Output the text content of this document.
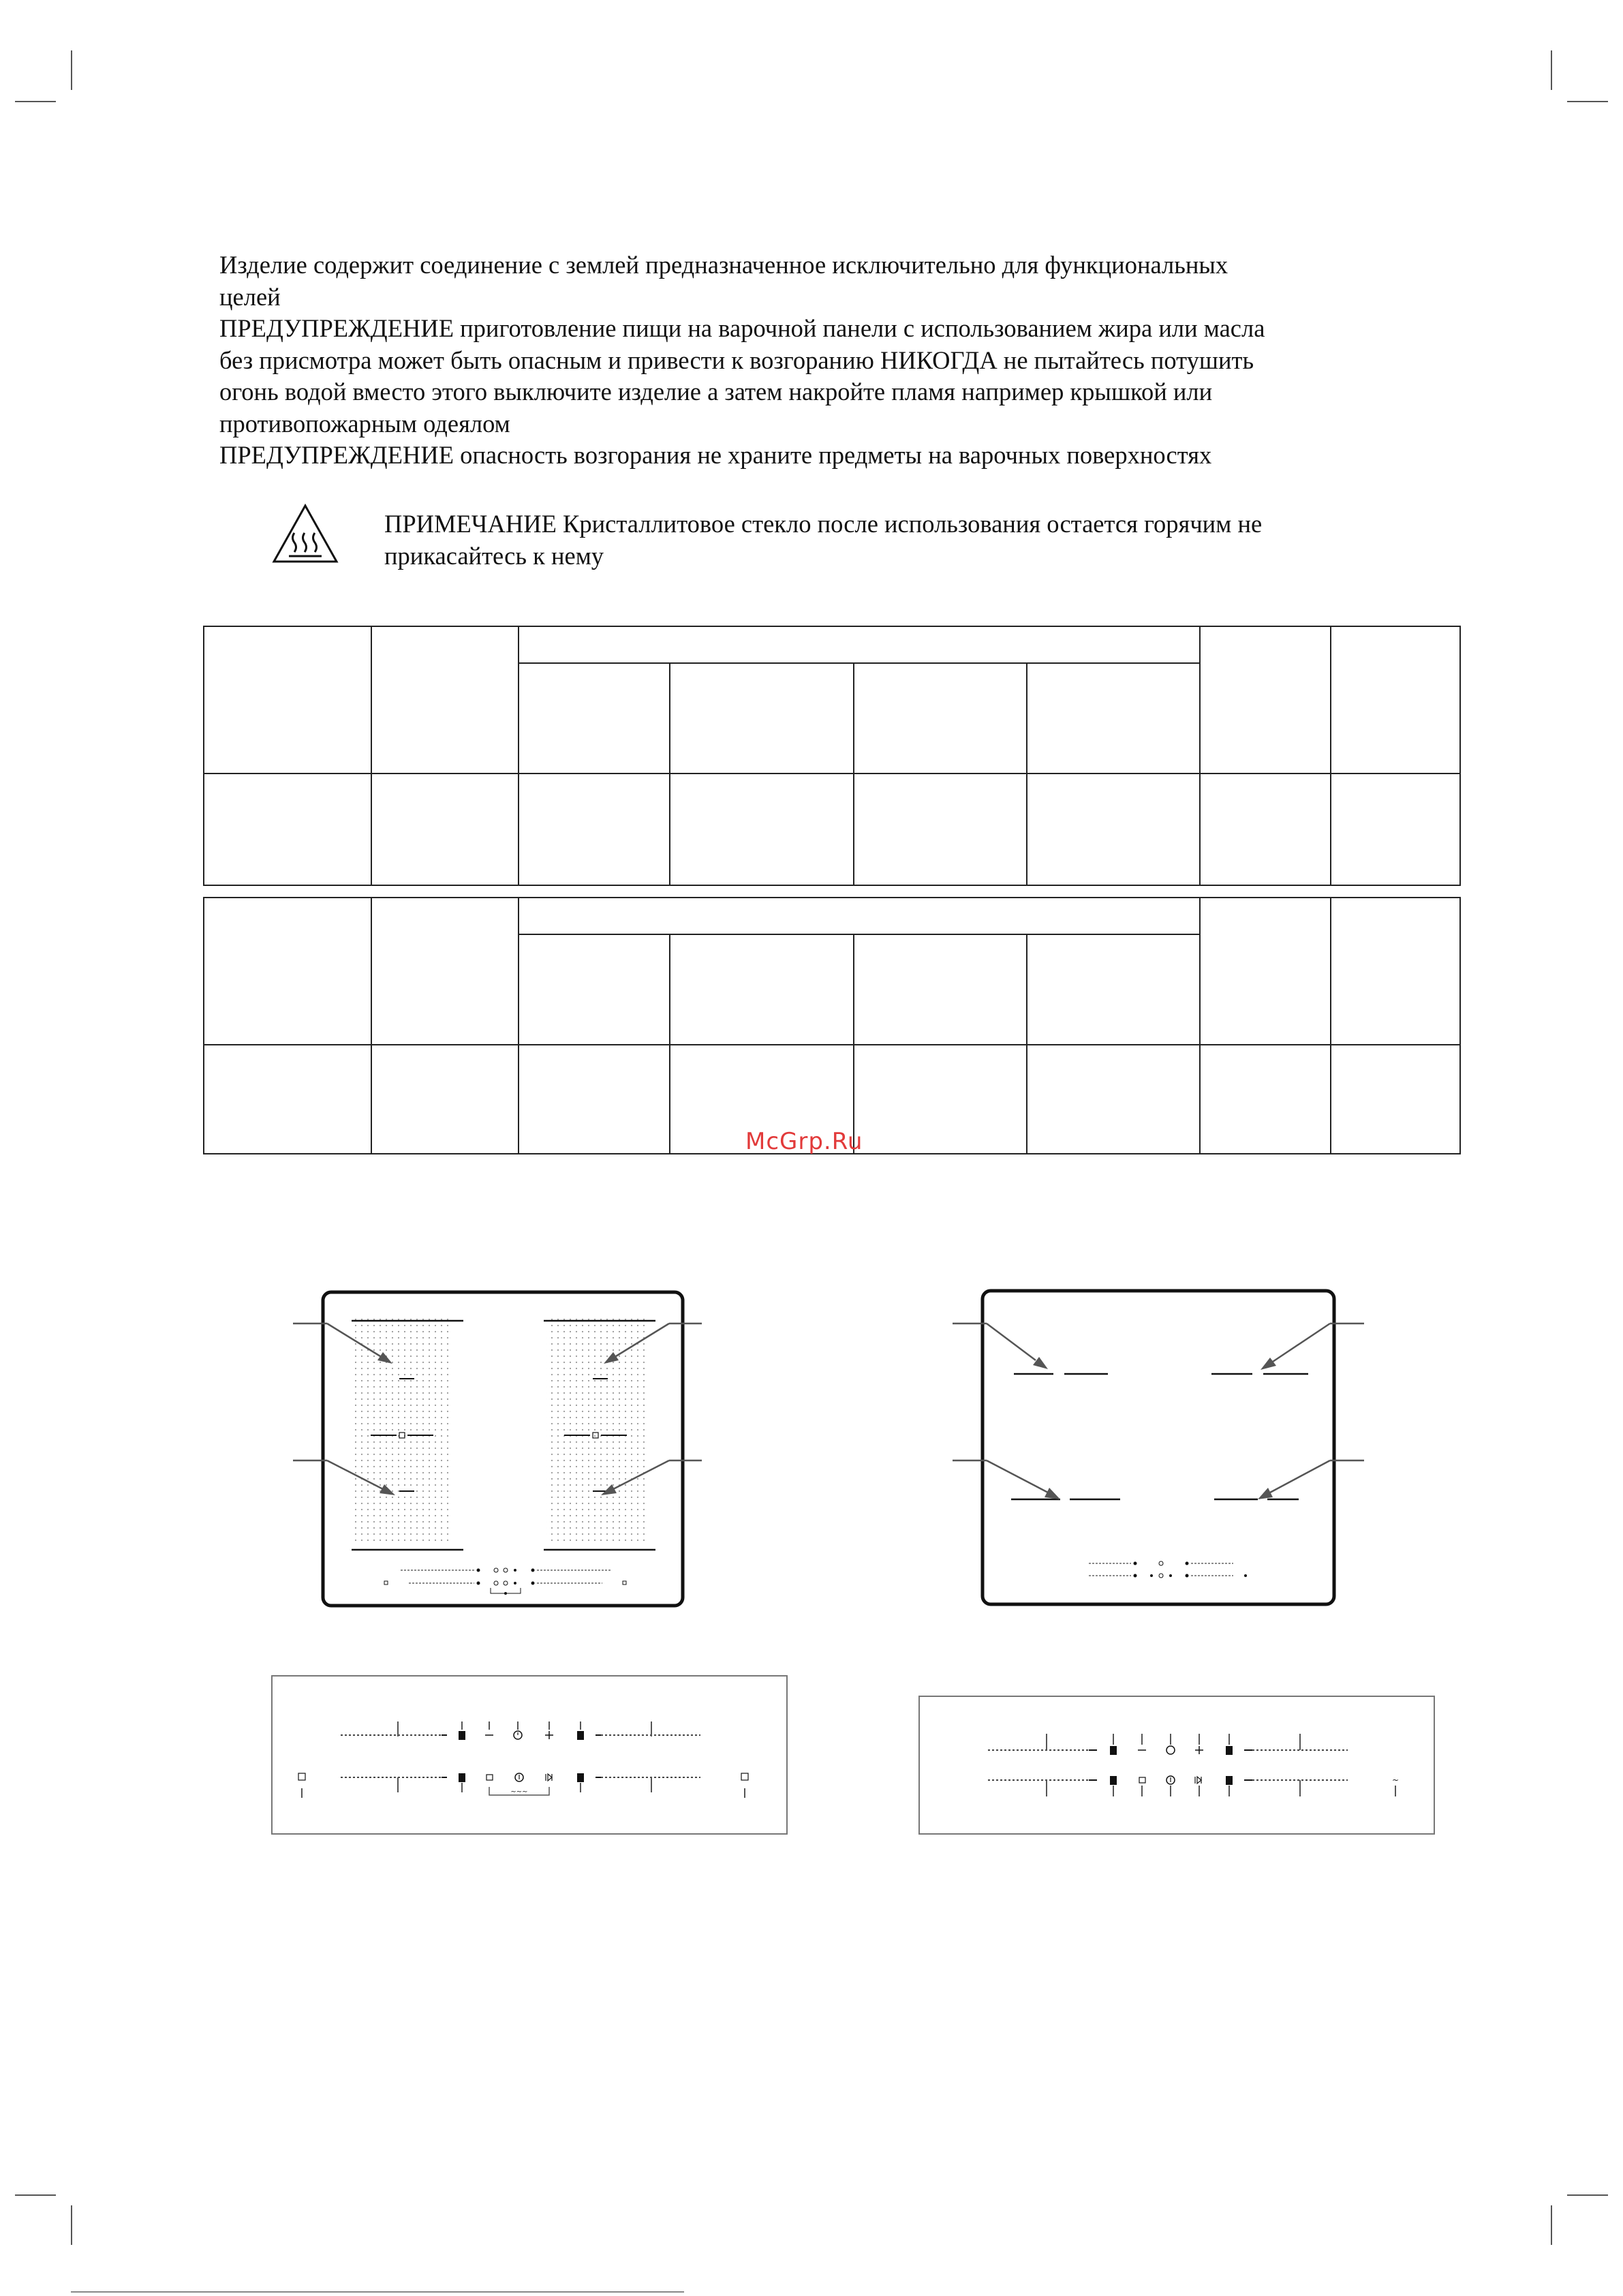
Изделие содержит соединение с землей предназначенное исключительно для функциональных
целей

ПРЕДУПРЕЖДЕНИЕ приготовление пищи на варочной панели с использованием жира или масла
без присмотра может быть опасным и привести к возгоранию НИКОГДА не пытайтесь потушить
огонь водой вместо этого выключите изделие а затем накройте пламя например крышкой или
противопожарным одеялом

ПРЕДУПРЕЖДЕНИЕ опасность возгорания не храните предметы на варочных поверхностях

ПРИМЕЧАНИЕ Кристаллитовое стекло после использования остается горячим не
прикасайтесь к нему

McGrp.Ru
~~~
~
